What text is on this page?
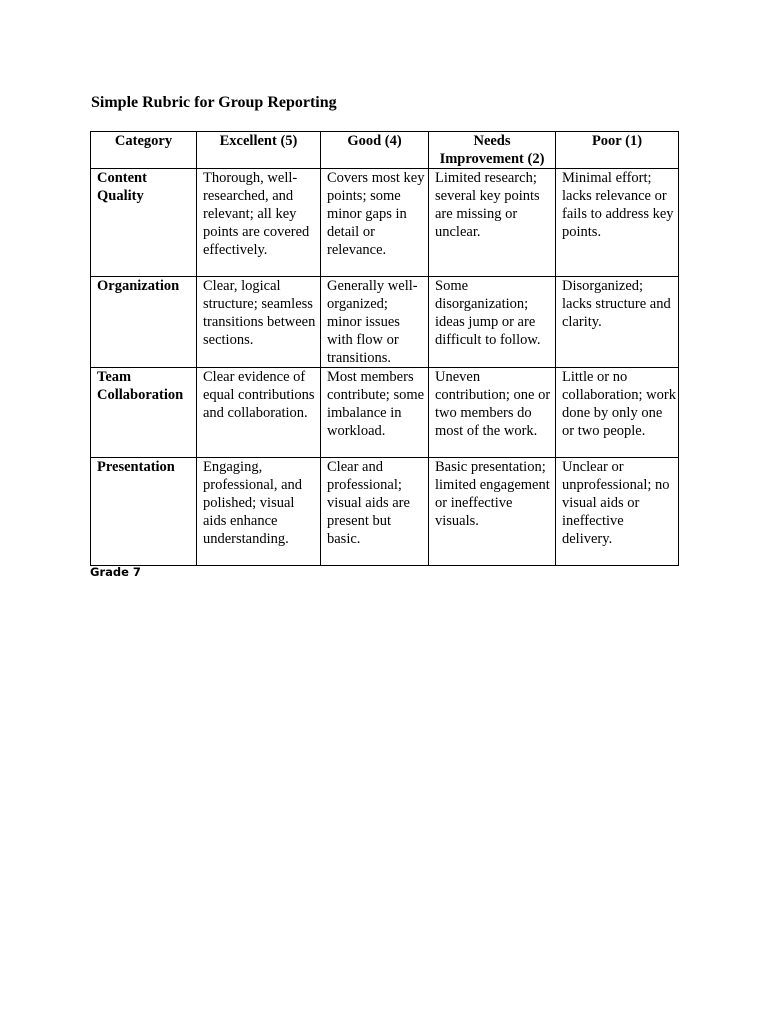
Simple Rubric for Group Reporting
Category	Excellent (5)	Good (4)	Needs Improvement (2)	Poor (1)
Content Quality	Thorough, well-researched, and relevant; all key points are covered effectively.	Covers most key points; some minor gaps in detail or relevance.	Limited research; several key points are missing or unclear.	Minimal effort; lacks relevance or fails to address key points.
Organization	Clear, logical structure; seamless transitions between sections.	Generally well-organized; minor issues with flow or transitions.	Some disorganization; ideas jump or are difficult to follow.	Disorganized; lacks structure and clarity.
Team Collaboration	Clear evidence of equal contributions and collaboration.	Most members contribute; some imbalance in workload.	Uneven contribution; one or two members do most of the work.	Little or no collaboration; work done by only one or two people.
Presentation	Engaging, professional, and polished; visual aids enhance understanding.	Clear and professional; visual aids are present but basic.	Basic presentation; limited engagement or ineffective visuals.	Unclear or unprofessional; no visual aids or ineffective delivery.
Grade 7
